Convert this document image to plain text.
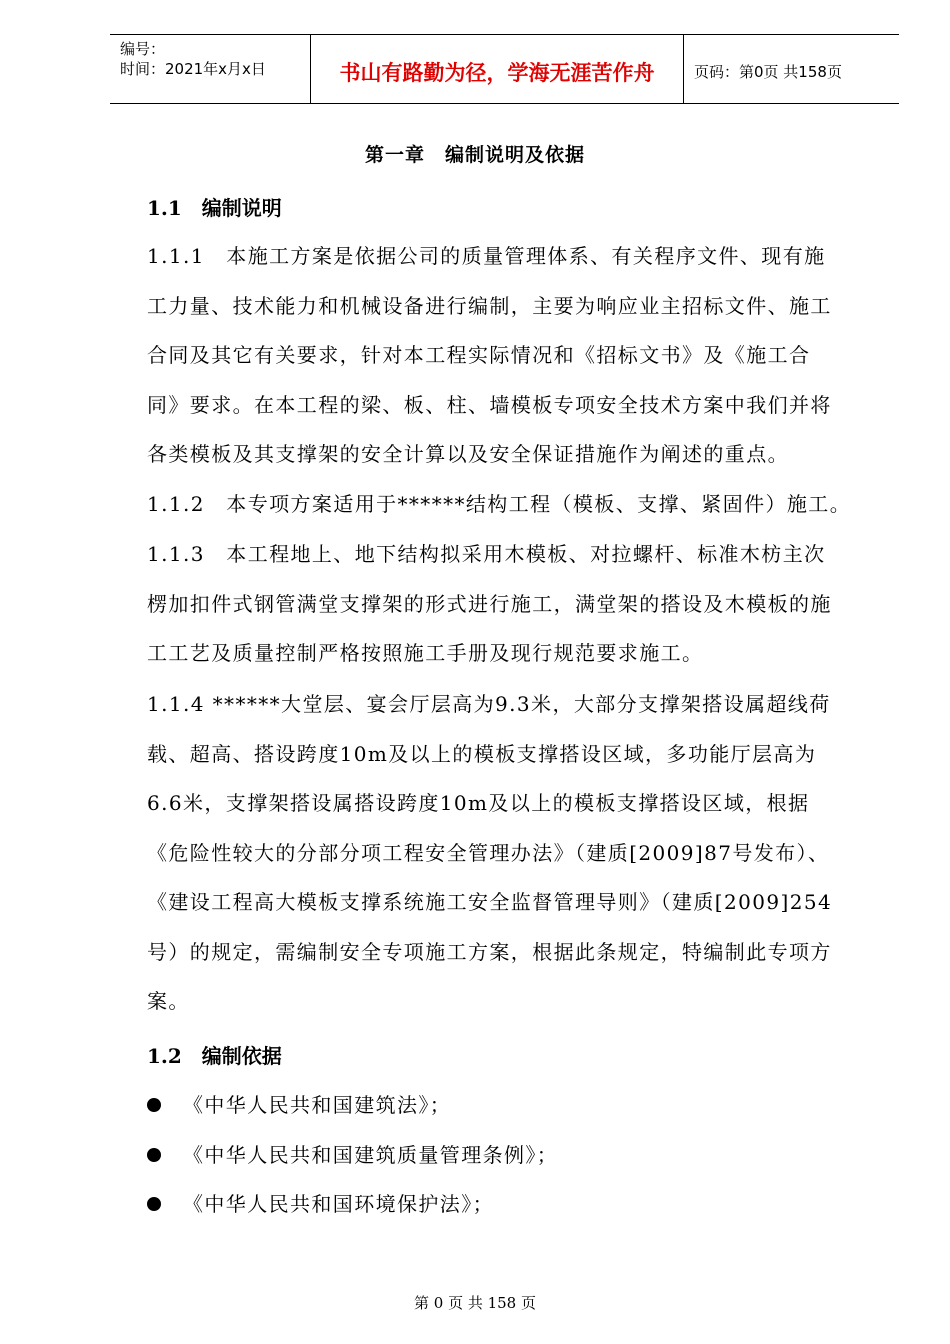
编号：
时间：2021年x月x日	书山有路勤为径，学海无涯苦作舟	页码：第0页 共158页
第一章　编制说明及依据
1.1　编制说明
1.1.1　本施工方案是依据公司的质量管理体系、有关程序文件、现有施
工力量、技术能力和机械设备进行编制，主要为响应业主招标文件、施工
合同及其它有关要求，针对本工程实际情况和《招标文书》及《施工合
同》要求。在本工程的梁、板、柱、墙模板专项安全技术方案中我们并将
各类模板及其支撑架的安全计算以及安全保证措施作为阐述的重点。
1.1.2　本专项方案适用于******结构工程（模板、支撑、紧固件）施工。
1.1.3　本工程地上、地下结构拟采用木模板、对拉螺杆、标准木枋主次
楞加扣件式钢管满堂支撑架的形式进行施工，满堂架的搭设及木模板的施
工工艺及质量控制严格按照施工手册及现行规范要求施工。
1.1.4 ******大堂层、宴会厅层高为9.3米，大部分支撑架搭设属超线荷
载、超高、搭设跨度10m及以上的模板支撑搭设区域，多功能厅层高为
6.6米，支撑架搭设属搭设跨度10m及以上的模板支撑搭设区域，根据
《危险性较大的分部分项工程安全管理办法》（建质[2009]87号发布）、
《建设工程高大模板支撑系统施工安全监督管理导则》（建质[2009]254
号）的规定，需编制安全专项施工方案，根据此条规定，特编制此专项方
案。
1.2　编制依据
《中华人民共和国建筑法》；
《中华人民共和国建筑质量管理条例》；
《中华人民共和国环境保护法》；
第 0 页 共 158 页
